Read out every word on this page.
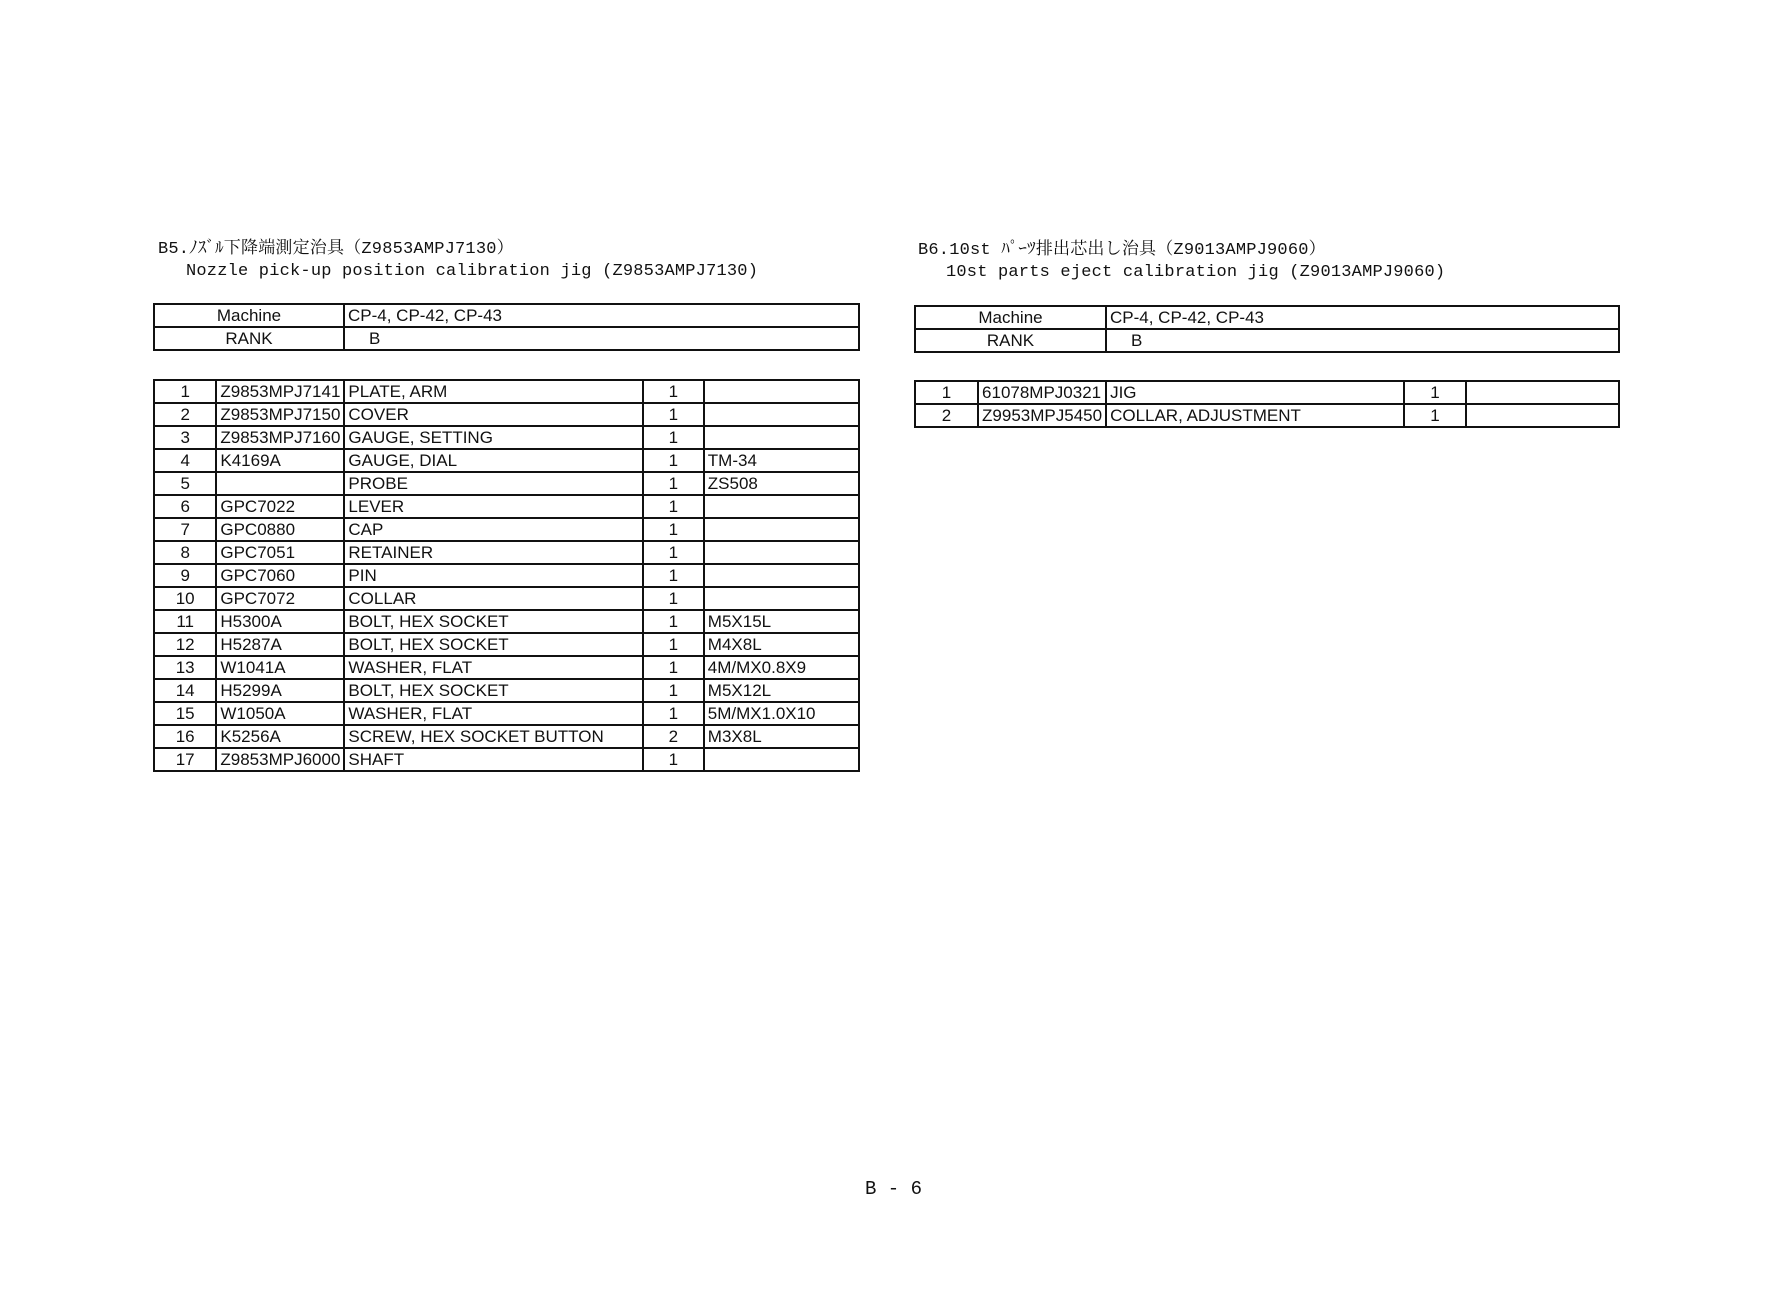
B5.ﾉｽﾞﾙ下降端測定治具（Z9853AMPJ7130）
Nozzle pick-up position calibration jig (Z9853AMPJ7130)
Machine	CP-4, CP-42, CP-43
RANK	B
1	Z9853MPJ7141	PLATE, ARM	1	
2	Z9853MPJ7150	COVER	1	
3	Z9853MPJ7160	GAUGE, SETTING	1	
4	K4169A	GAUGE, DIAL	1	TM-34
5		PROBE	1	ZS508
6	GPC7022	LEVER	1	
7	GPC0880	CAP	1	
8	GPC7051	RETAINER	1	
9	GPC7060	PIN	1	
10	GPC7072	COLLAR	1	
11	H5300A	BOLT, HEX SOCKET	1	M5X15L
12	H5287A	BOLT, HEX SOCKET	1	M4X8L
13	W1041A	WASHER, FLAT	1	4M/MX0.8X9
14	H5299A	BOLT, HEX SOCKET	1	M5X12L
15	W1050A	WASHER, FLAT	1	5M/MX1.0X10
16	K5256A	SCREW, HEX SOCKET BUTTON	2	M3X8L
17	Z9853MPJ6000	SHAFT	1	
B6.10st ﾊﾟｰﾂ排出芯出し治具（Z9013AMPJ9060）
10st parts eject calibration jig (Z9013AMPJ9060)
Machine	CP-4, CP-42, CP-43
RANK	B
1	61078MPJ0321	JIG	1	
2	Z9953MPJ5450	COLLAR, ADJUSTMENT	1	
B - 6
